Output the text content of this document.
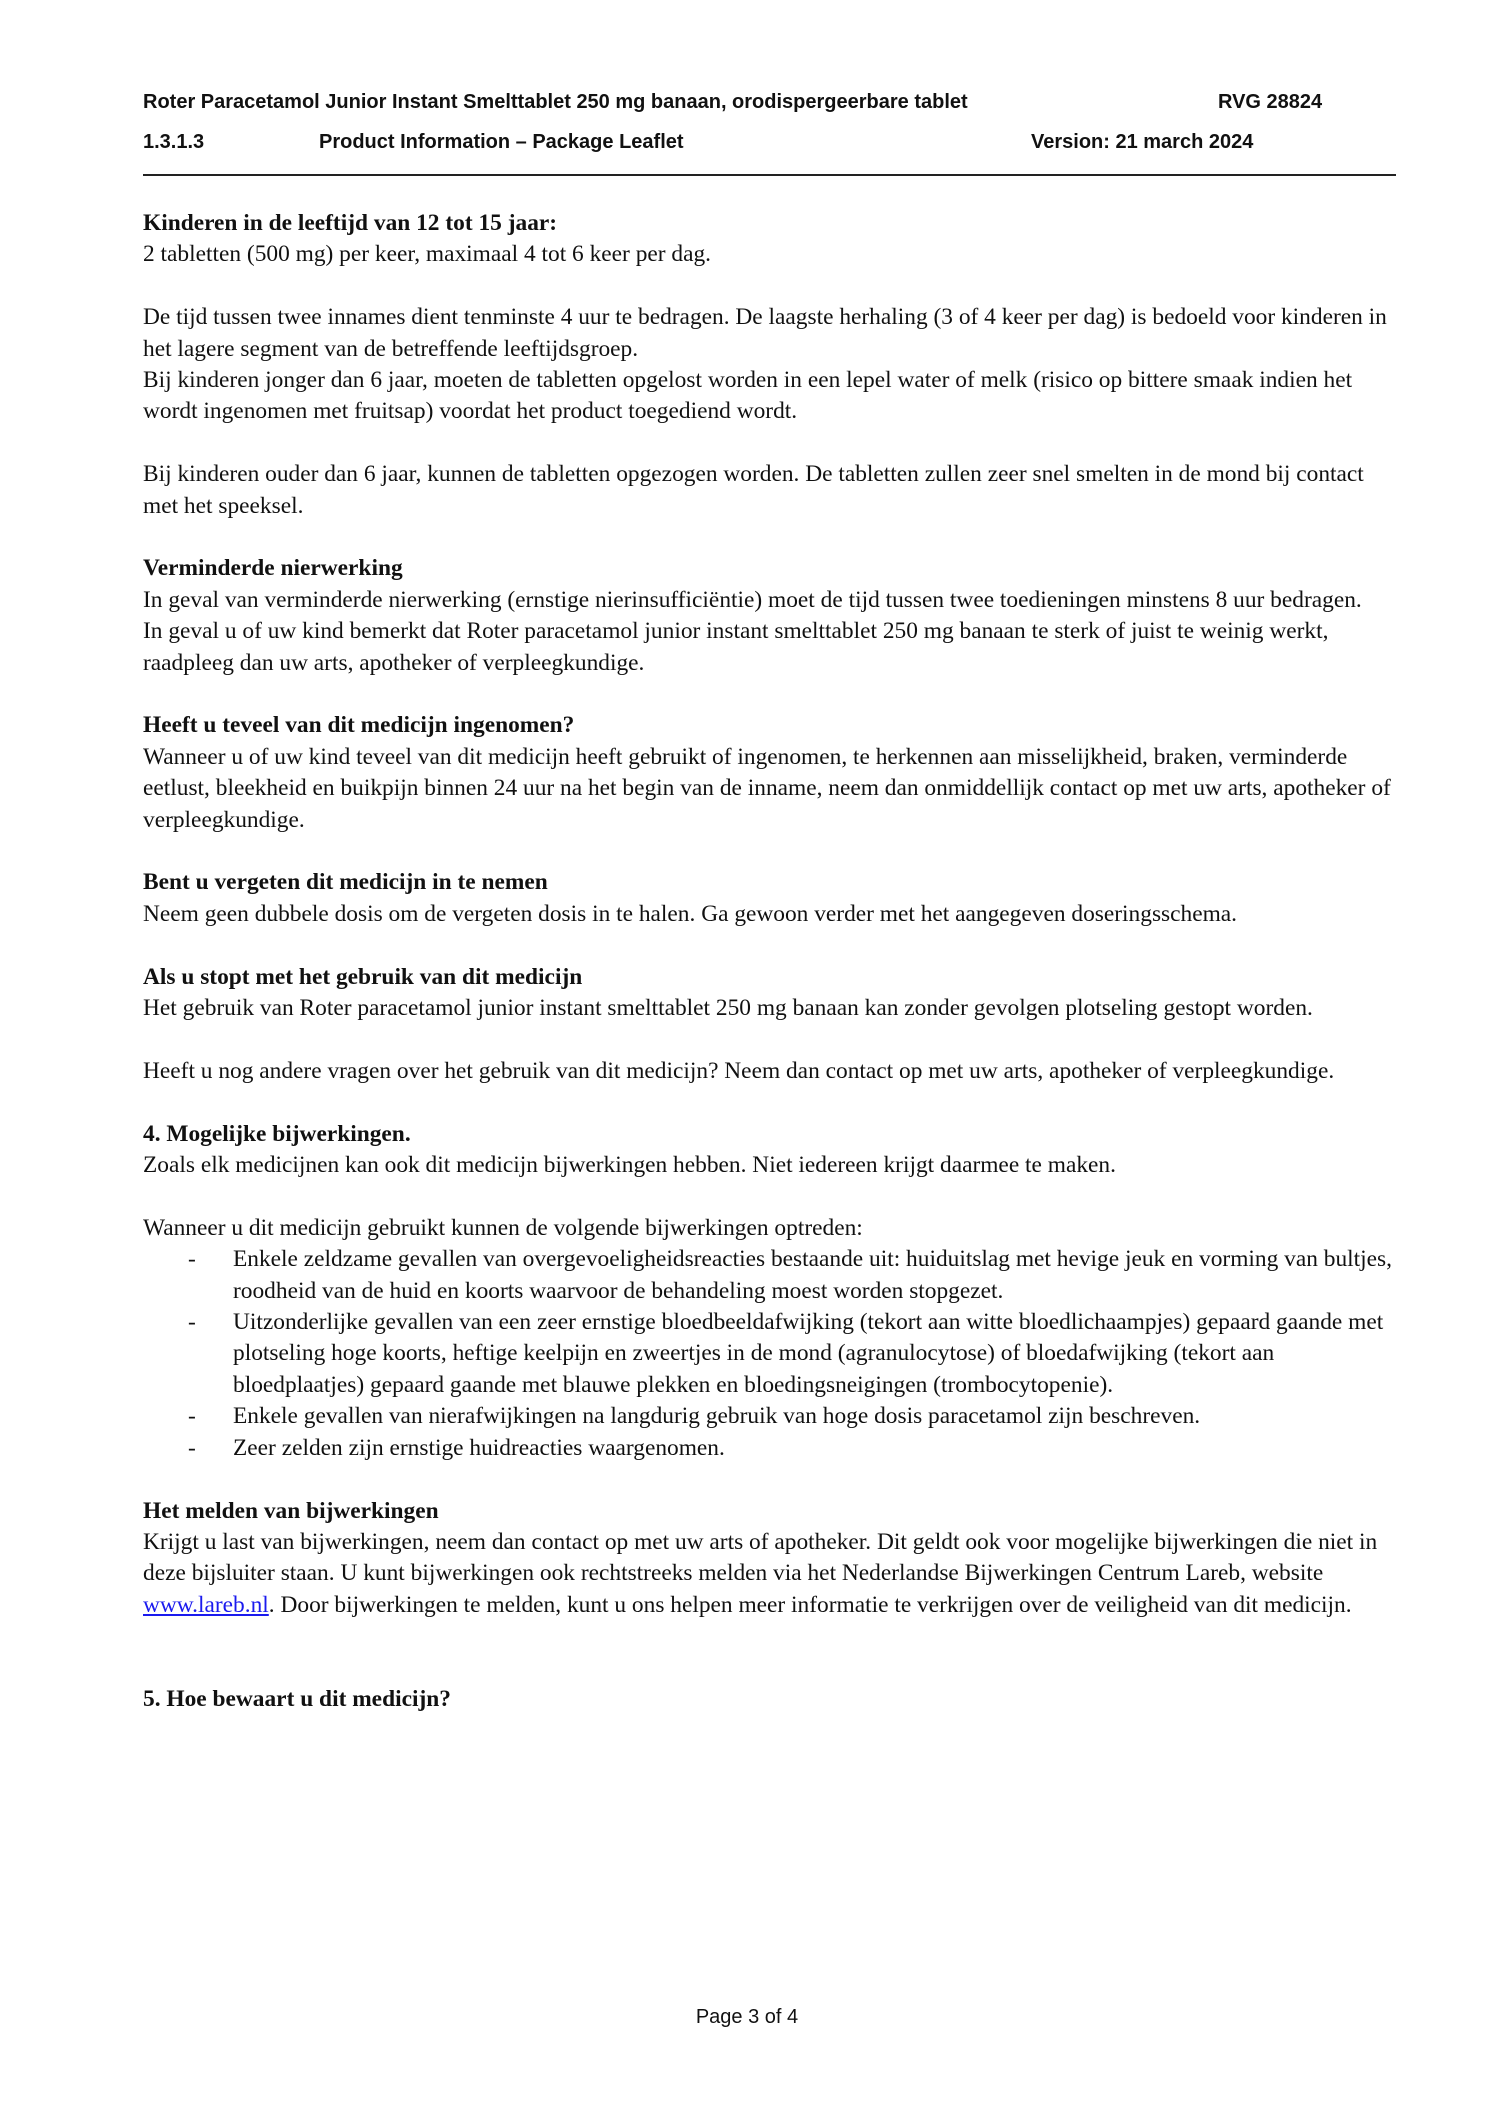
Roter Paracetamol Junior Instant Smelttablet 250 mg banaan, orodispergeerbare tablet	RVG 28824
1.3.1.3	Product Information – Package Leaflet	Version: 21 march 2024

Kinderen in de leeftijd van 12 tot 15 jaar:

2 tabletten (500 mg) per keer, maximaal 4 tot 6 keer per dag.

De tijd tussen twee innames dient tenminste 4 uur te bedragen. De laagste herhaling (3 of 4 keer per dag) is bedoeld voor kinderen in het lagere segment van de betreffende leeftijdsgroep.

Bij kinderen jonger dan 6 jaar, moeten de tabletten opgelost worden in een lepel water of melk (risico op bittere smaak indien het wordt ingenomen met fruitsap) voordat het product toegediend wordt.

Bij kinderen ouder dan 6 jaar, kunnen de tabletten opgezogen worden. De tabletten zullen zeer snel smelten in de mond bij contact met het speeksel.

Verminderde nierwerking

In geval van verminderde nierwerking (ernstige nierinsufficiëntie) moet de tijd tussen twee toedieningen minstens 8 uur bedragen.

In geval u of uw kind bemerkt dat Roter paracetamol junior instant smelttablet 250 mg banaan te sterk of juist te weinig werkt, raadpleeg dan uw arts, apotheker of verpleegkundige.

Heeft u teveel van dit medicijn ingenomen?

Wanneer u of uw kind teveel van dit medicijn heeft gebruikt of ingenomen, te herkennen aan misselijkheid, braken, verminderde eetlust, bleekheid en buikpijn binnen 24 uur na het begin van de inname, neem dan onmiddellijk contact op met uw arts, apotheker of verpleegkundige.

Bent u vergeten dit medicijn in te nemen

Neem geen dubbele dosis om de vergeten dosis in te halen. Ga gewoon verder met het aangegeven doseringsschema.

Als u stopt met het gebruik van dit medicijn

Het gebruik van Roter paracetamol junior instant smelttablet 250 mg banaan kan zonder gevolgen plotseling gestopt worden.

Heeft u nog andere vragen over het gebruik van dit medicijn? Neem dan contact op met uw arts, apotheker of verpleegkundige.

4. Mogelijke bijwerkingen.

Zoals elk medicijnen kan ook dit medicijn bijwerkingen hebben. Niet iedereen krijgt daarmee te maken.

Wanneer u dit medicijn gebruikt kunnen de volgende bijwerkingen optreden:

- Enkele zeldzame gevallen van overgevoeligheidsreacties bestaande uit: huiduitslag met hevige jeuk en vorming van bultjes, roodheid van de huid en koorts waarvoor de behandeling moest worden stopgezet.
- Uitzonderlijke gevallen van een zeer ernstige bloedbeeldafwijking (tekort aan witte bloedlichaampjes) gepaard gaande met plotseling hoge koorts, heftige keelpijn en zweertjes in de mond (agranulocytose) of bloedafwijking (tekort aan bloedplaatjes) gepaard gaande met blauwe plekken en bloedingsneigingen (trombocytopenie).
- Enkele gevallen van nierafwijkingen na langdurig gebruik van hoge dosis paracetamol zijn beschreven.
- Zeer zelden zijn ernstige huidreacties waargenomen.

Het melden van bijwerkingen

Krijgt u last van bijwerkingen, neem dan contact op met uw arts of apotheker. Dit geldt ook voor mogelijke bijwerkingen die niet in deze bijsluiter staan. U kunt bijwerkingen ook rechtstreeks melden via het Nederlandse Bijwerkingen Centrum Lareb, website www.lareb.nl. Door bijwerkingen te melden, kunt u ons helpen meer informatie te verkrijgen over de veiligheid van dit medicijn.

5. Hoe bewaart u dit medicijn?

Page 3 of 4
